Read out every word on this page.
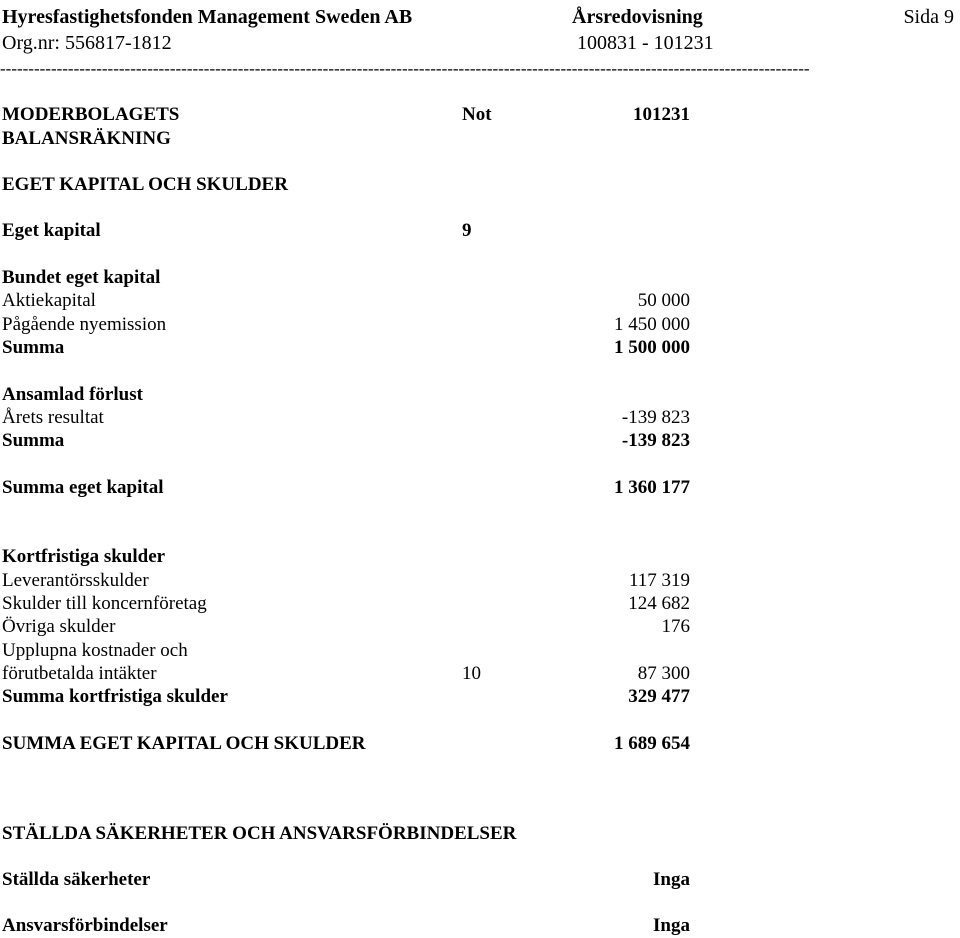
Hyresfastighetsfonden Management Sweden AB	Årsredovisning	Sida 9
Org.nr: 556817-1812	100831 - 101231
-----------------------------------------------------------------------------------------------------------------------------------------------
MODERBOLAGETS
BALANSRÄKNING
Not	101231
EGET KAPITAL OCH SKULDER
Eget kapital	9
Bundet eget kapital
Aktiekapital	50 000
Pågående nyemission	1 450 000
Summa	1 500 000
Ansamlad förlust
Årets resultat	-139 823
Summa	-139 823
Summa eget kapital	1 360 177
Kortfristiga skulder
Leverantörsskulder	117 319
Skulder till koncernföretag	124 682
Övriga skulder	176
Upplupna kostnader och
förutbetalda intäkter	10	87 300
Summa kortfristiga skulder	329 477
SUMMA EGET KAPITAL OCH SKULDER	1 689 654
STÄLLDA SÄKERHETER OCH ANSVARSFÖRBINDELSER
Ställda säkerheter	Inga
Ansvarsförbindelser	Inga
